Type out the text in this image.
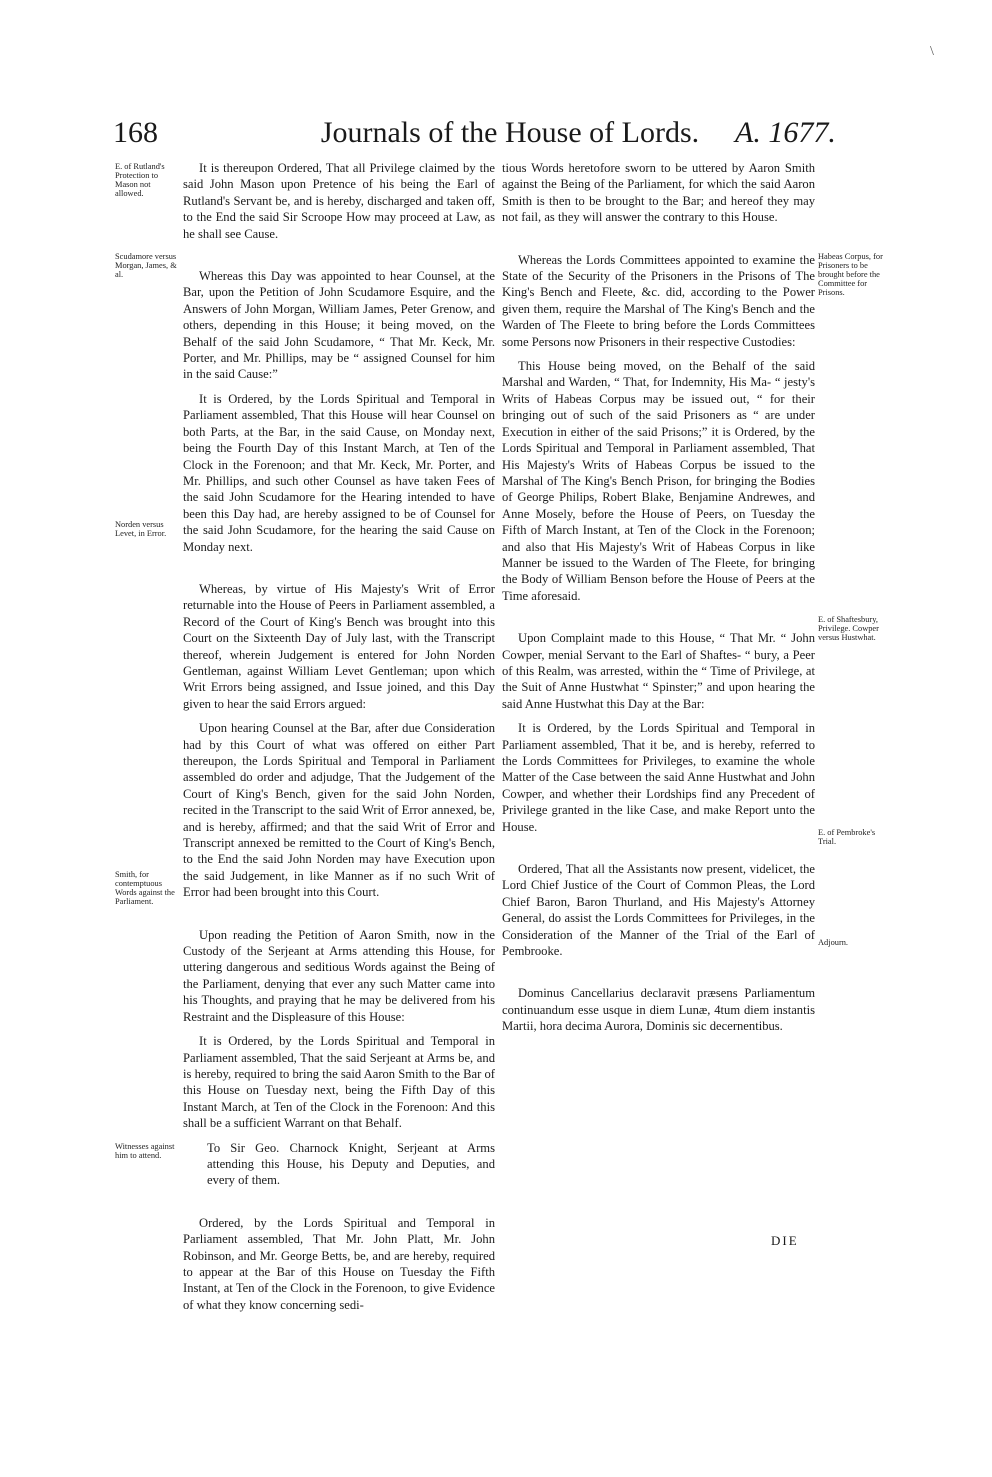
\
168	Journals of the House of Lords.	A. 1677.
E. of Rutland's Protection to Mason not allowed.
Scudamore versus Morgan, James, & al.
Norden versus Levet, in Error.
Smith, for contemptuous Words against the Parliament.
Witnesses against him to attend.
Habeas Corpus, for Prisoners to be brought before the Committee for Prisons.
E. of Shaftesbury, Privilege. Cowper versus Hustwhat.
E. of Pembroke's Trial.
Adjourn.

It is thereupon Ordered, That all Privilege claimed by the said John Mason upon Pretence of his being the Earl of Rutland's Servant be, and is hereby, discharged and taken off, to the End the said Sir Scroope How may proceed at Law, as he shall see Cause.

Whereas this Day was appointed to hear Counsel, at the Bar, upon the Petition of John Scudamore Esquire, and the Answers of John Morgan, William James, Peter Grenow, and others, depending in this House; it being moved, on the Behalf of the said John Scudamore, “ That Mr. Keck, Mr. Porter, and Mr. Phillips, may be “ assigned Counsel for him in the said Cause:”

It is Ordered, by the Lords Spiritual and Temporal in Parliament assembled, That this House will hear Counsel on both Parts, at the Bar, in the said Cause, on Monday next, being the Fourth Day of this Instant March, at Ten of the Clock in the Forenoon; and that Mr. Keck, Mr. Porter, and Mr. Phillips, and such other Counsel as have taken Fees of the said John Scudamore for the Hearing intended to have been this Day had, are hereby assigned to be of Counsel for the said John Scudamore, for the hearing the said Cause on Monday next.

Whereas, by virtue of His Majesty's Writ of Error returnable into the House of Peers in Parliament assembled, a Record of the Court of King's Bench was brought into this Court on the Sixteenth Day of July last, with the Transcript thereof, wherein Judgement is entered for John Norden Gentleman, against William Levet Gentleman; upon which Writ Errors being assigned, and Issue joined, and this Day given to hear the said Errors argued:

Upon hearing Counsel at the Bar, after due Consideration had by this Court of what was offered on either Part thereupon, the Lords Spiritual and Temporal in Parliament assembled do order and adjudge, That the Judgement of the Court of King's Bench, given for the said John Norden, recited in the Transcript to the said Writ of Error annexed, be, and is hereby, affirmed; and that the said Writ of Error and Transcript annexed be remitted to the Court of King's Bench, to the End the said John Norden may have Execution upon the said Judgement, in like Manner as if no such Writ of Error had been brought into this Court.

Upon reading the Petition of Aaron Smith, now in the Custody of the Serjeant at Arms attending this House, for uttering dangerous and seditious Words against the Being of the Parliament, denying that ever any such Matter came into his Thoughts, and praying that he may be delivered from his Restraint and the Displeasure of this House:

It is Ordered, by the Lords Spiritual and Temporal in Parliament assembled, That the said Serjeant at Arms be, and is hereby, required to bring the said Aaron Smith to the Bar of this House on Tuesday next, being the Fifth Day of this Instant March, at Ten of the Clock in the Forenoon: And this shall be a sufficient Warrant on that Behalf.

To Sir Geo. Charnock Knight, Serjeant at Arms attending this House, his Deputy and Deputies, and every of them.

Ordered, by the Lords Spiritual and Temporal in Parliament assembled, That Mr. John Platt, Mr. John Robinson, and Mr. George Betts, be, and are hereby, required to appear at the Bar of this House on Tuesday the Fifth Instant, at Ten of the Clock in the Forenoon, to give Evidence of what they know concerning sedi-

tious Words heretofore sworn to be uttered by Aaron Smith against the Being of the Parliament, for which the said Aaron Smith is then to be brought to the Bar; and hereof they may not fail, as they will answer the contrary to this House.

Whereas the Lords Committees appointed to examine the State of the Security of the Prisoners in the Prisons of The King's Bench and Fleete, &c. did, according to the Power given them, require the Marshal of The King's Bench and the Warden of The Fleete to bring before the Lords Committees some Persons now Prisoners in their respective Custodies:

This House being moved, on the Behalf of the said Marshal and Warden, “ That, for Indemnity, His Ma- “ jesty's Writs of Habeas Corpus may be issued out, “ for their bringing out of such of the said Prisoners as “ are under Execution in either of the said Prisons;” it is Ordered, by the Lords Spiritual and Temporal in Parliament assembled, That His Majesty's Writs of Habeas Corpus be issued to the Marshal of The King's Bench Prison, for bringing the Bodies of George Philips, Robert Blake, Benjamine Andrewes, and Anne Mosely, before the House of Peers, on Tuesday the Fifth of March Instant, at Ten of the Clock in the Forenoon; and also that His Majesty's Writ of Habeas Corpus in like Manner be issued to the Warden of The Fleete, for bringing the Body of William Benson before the House of Peers at the Time aforesaid.

Upon Complaint made to this House, “ That Mr. “ John Cowper, menial Servant to the Earl of Shaftes- “ bury, a Peer of this Realm, was arrested, within the “ Time of Privilege, at the Suit of Anne Hustwhat “ Spinster;” and upon hearing the said Anne Hustwhat this Day at the Bar:

It is Ordered, by the Lords Spiritual and Temporal in Parliament assembled, That it be, and is hereby, referred to the Lords Committees for Privileges, to examine the whole Matter of the Case between the said Anne Hustwhat and John Cowper, and whether their Lordships find any Precedent of Privilege granted in the like Case, and make Report unto the House.

Ordered, That all the Assistants now present, videlicet, the Lord Chief Justice of the Court of Common Pleas, the Lord Chief Baron, Baron Thurland, and His Majesty's Attorney General, do assist the Lords Committees for Privileges, in the Consideration of the Manner of the Trial of the Earl of Pembrooke.

Dominus Cancellarius declaravit præsens Parliamentum continuandum esse usque in diem Lunæ, 4tum diem instantis Martii, hora decima Aurora, Dominis sic decernentibus.

DIE
